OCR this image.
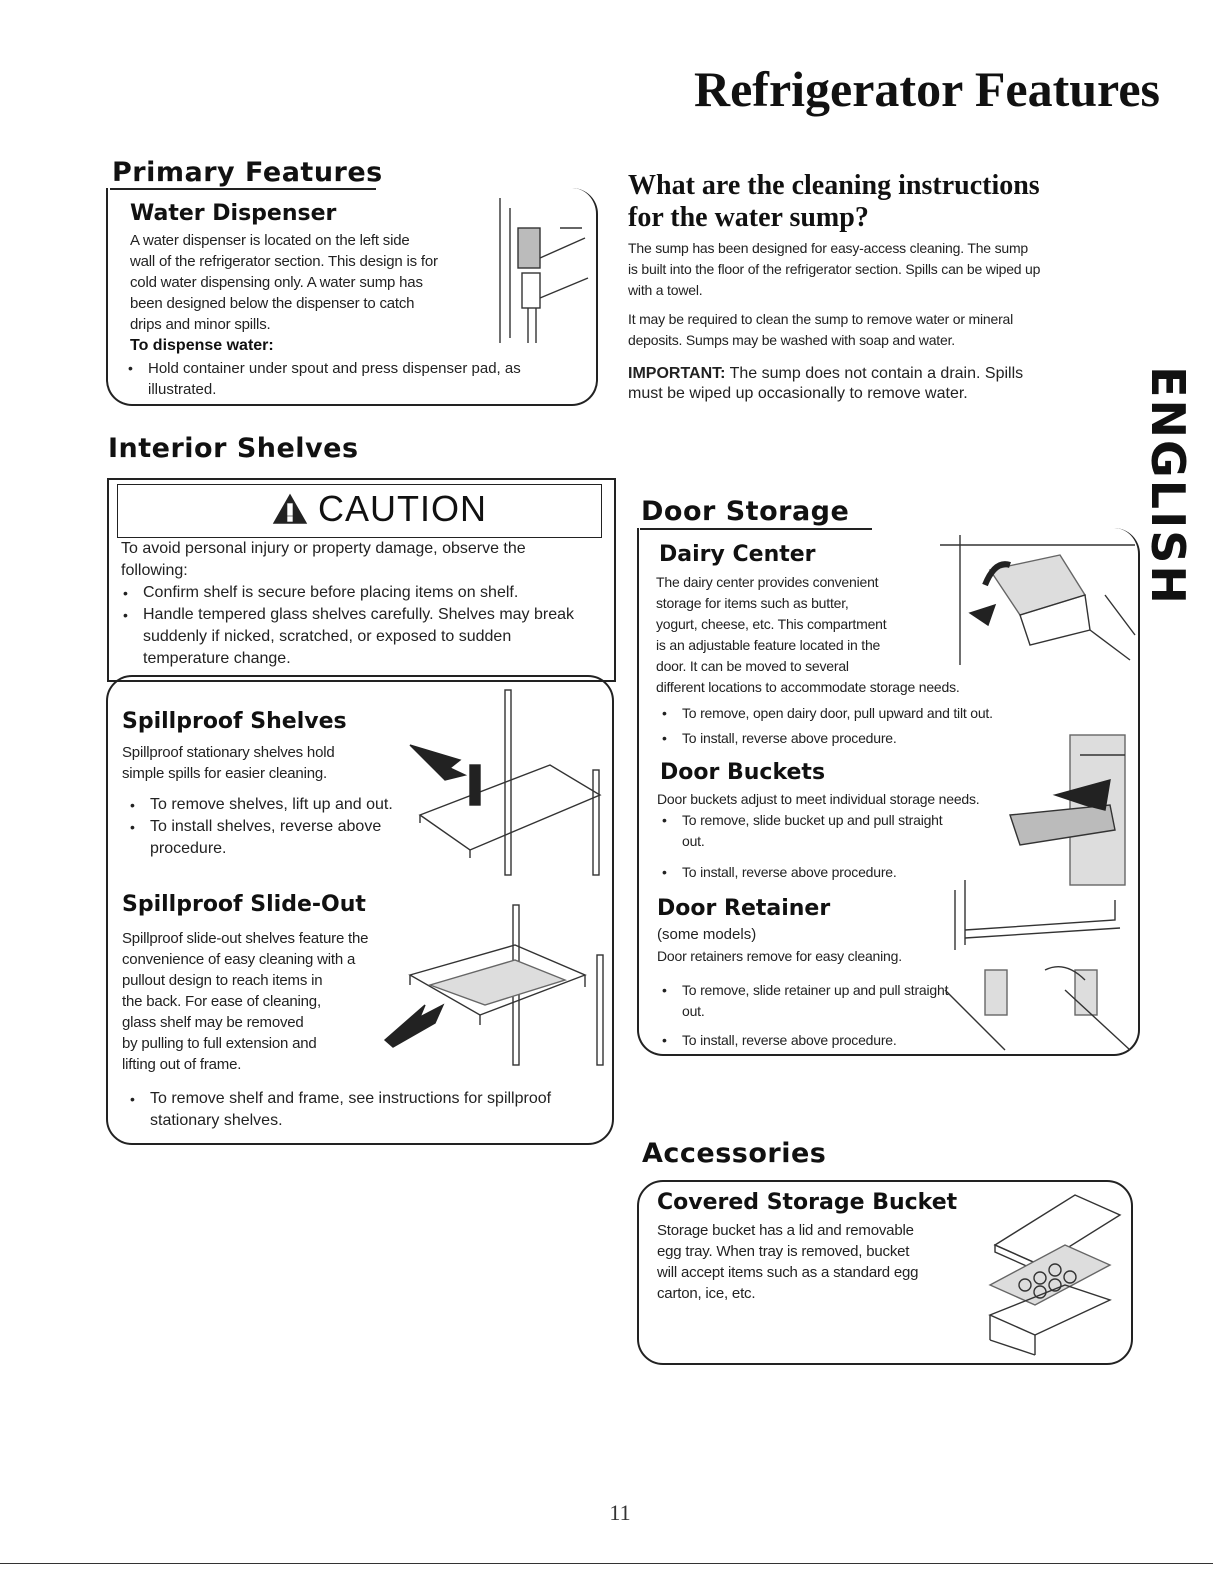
Refrigerator Features
ENGLISH
Primary Features
Water Dispenser
A water dispenser is located on the left side
wall of the refrigerator section. This design is for
cold water dispensing only. A water sump has
been designed below the dispenser to catch
drips and minor spills.
To dispense water:
• Hold container under spout and press dispenser pad, as illustrated.
Interior Shelves
CAUTION
To avoid personal injury or property damage, observe the following:
• Confirm shelf is secure before placing items on shelf.
• Handle tempered glass shelves carefully. Shelves may break suddenly if nicked, scratched, or exposed to sudden temperature change.
Spillproof Shelves
Spillproof stationary shelves hold
simple spills for easier cleaning.
• To remove shelves, lift up and out.
• To install shelves, reverse above procedure.
Spillproof Slide-Out
Spillproof slide-out shelves feature the
convenience of easy cleaning with a
pullout design to reach items in
the back. For ease of cleaning,
glass shelf may be removed
by pulling to full extension and
lifting out of frame.
• To remove shelf and frame, see instructions for spillproof stationary shelves.
What are the cleaning instructions
for the water sump?
The sump has been designed for easy-access cleaning. The sump
is built into the floor of the refrigerator section. Spills can be wiped up
with a towel.
It may be required to clean the sump to remove water or mineral
deposits. Sumps may be washed with soap and water.
IMPORTANT: The sump does not contain a drain. Spills
must be wiped up occasionally to remove water.
Door Storage
Dairy Center
The dairy center provides convenient
storage for items such as butter,
yogurt, cheese, etc. This compartment
is an adjustable feature located in the
door. It can be moved to several
different locations to accommodate storage needs.
• To remove, open dairy door, pull upward and tilt out.
• To install, reverse above procedure.
Door Buckets
Door buckets adjust to meet individual storage needs.
• To remove, slide bucket up and pull straight out.
• To install, reverse above procedure.
Door Retainer
(some models)
Door retainers remove for easy cleaning.
• To remove, slide retainer up and pull straight out.
• To install, reverse above procedure.
Accessories
Covered Storage Bucket
Storage bucket has a lid and removable
egg tray. When tray is removed, bucket
will accept items such as a standard egg
carton, ice, etc.
11
